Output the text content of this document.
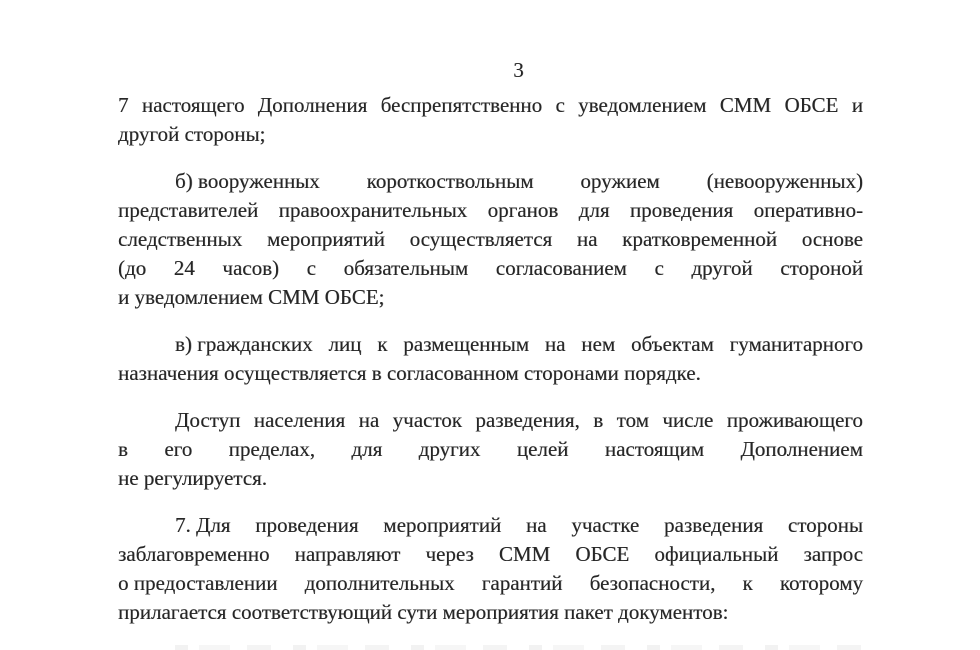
3
7 настоящего Дополнения беспрепятственно с уведомлением СММ ОБСЕ и
другой стороны;
б) вооруженных короткоствольным оружием (невооруженных)
представителей правоохранительных органов для проведения оперативно-
следственных мероприятий осуществляется на кратковременной основе
(до 24 часов) с обязательным согласованием с другой стороной
и уведомлением СММ ОБСЕ;
в) гражданских лиц к размещенным на нем объектам гуманитарного
назначения осуществляется в согласованном сторонами порядке.
Доступ населения на участок разведения, в том числе проживающего
в его пределах, для других целей настоящим Дополнением
не регулируется.
7. Для проведения мероприятий на участке разведения стороны
заблаговременно направляют через СММ ОБСЕ официальный запрос
о предоставлении дополнительных гарантий безопасности, к которому
прилагается соответствующий сути мероприятия пакет документов:
